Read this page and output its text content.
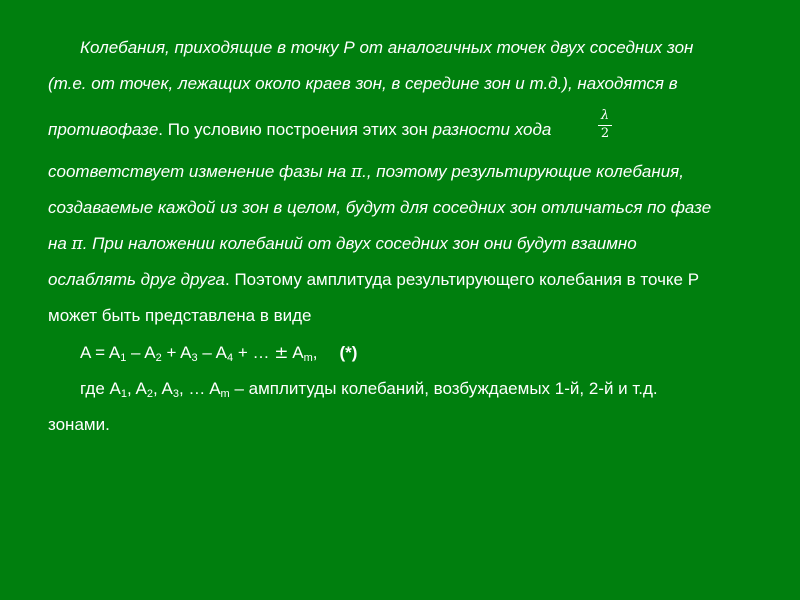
Колебания, приходящие в точку Р от аналогичных точек двух соседних зон
(т.е. от точек, лежащих около краев зон, в середине зон и т.д.), находятся в
противофазе. По условию построения этих зон разности хода	$\frac{\lambda}{2}$
соответствует изменение фазы на π., поэтому результирующие колебания,
создаваемые каждой из зон в целом, будут для соседних зон отличаться по фазе
на π. При наложении колебаний от двух соседних зон они будут взаимно
ослаблять друг друга. Поэтому амплитуда результирующего колебания в точке Р
может быть представлена в виде
$A = A_1 - A_2 + A_3 - A_4$ + … ± $A_m$, (*)
где $A_1$, $A_2$, $A_3$, … $A_m$ – амплитуды колебаний, возбуждаемых 1-й, 2-й и т.д.
зонами.
